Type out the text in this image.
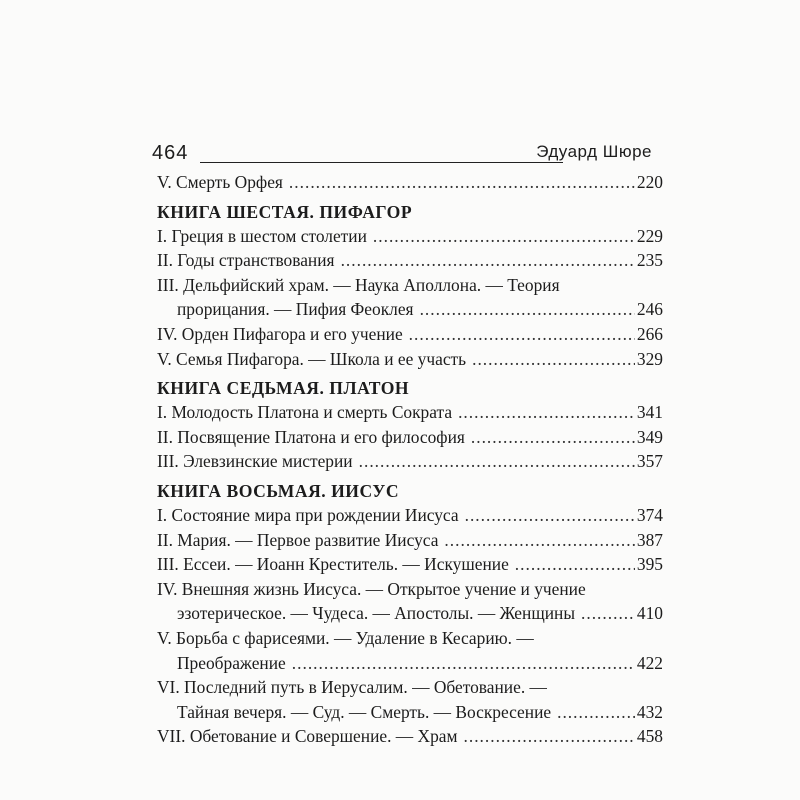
464	Эдуард Шюре
V. Смерть Орфея .....	220
КНИГА ШЕСТАЯ. ПИФАГОР
I. Греция в шестом столетии .....	229
II. Годы странствования .....	235
III. Дельфийский храм. — Наука Аполлона. — Теория
прорицания. — Пифия Феоклея .....	246
IV. Орден Пифагора и его учение .....	266
V. Семья Пифагора. — Школа и ее участь .....	329
КНИГА СЕДЬМАЯ. ПЛАТОН
I. Молодость Платона и смерть Сократа .....	341
II. Посвящение Платона и его философия .....	349
III. Элевзинские мистерии .....	357
КНИГА ВОСЬМАЯ. ИИСУС
I. Состояние мира при рождении Иисуса .....	374
II. Мария. — Первое развитие Иисуса .....	387
III. Ессеи. — Иоанн Креститель. — Искушение .....	395
IV. Внешняя жизнь Иисуса. — Открытое учение и учение
эзотерическое. — Чудеса. — Апостолы. — Женщины .....	410
V. Борьба с фарисеями. — Удаление в Кесарию. —
Преображение .....	422
VI. Последний путь в Иерусалим. — Обетование. —
Тайная вечеря. — Суд. — Смерть. — Воскресение .....	432
VII. Обетование и Совершение. — Храм .....	458
